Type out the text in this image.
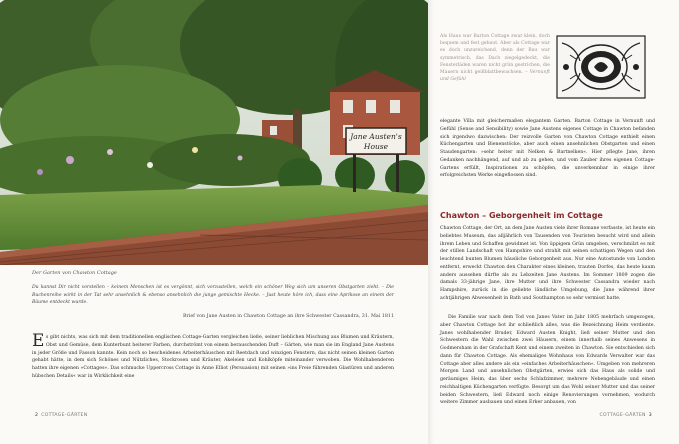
Jane Austen's
House
Der Garten von Chawton Cottage

Du kannst Dir nicht vorstellen – keinem Menschen ist es vergönnt, sich vorzustellen, welch ein schöner Weg sich um unseren Obstgarten zieht. – Die Buchenreihe wirkt in der Tat sehr ansehnlich & ebenso ansehnlich die junge gemischte Hecke. – Just heute höre ich, dass eine Aprikose an einem der Bäume entdeckt wurde.

Brief von Jane Austen in Chawton Cottage an ihre Schwester Cassandra, 31. Mai 1811

Es gibt nichts, was sich mit dem traditionellen englischen Cottage-Garten vergleichen ließe, seiner lieblichen Mischung aus Blumen und Kräutern, Obst und Gemüse, dem Kunterbunt heiterer Farben, durchströmt von einem berauschenden Duft – Gärten, wie man sie im England Jane Austens in jeder Größe und Fasson kannte. Kein noch so bescheidenes Arbeiterhäuschen mit Reetdach und winzigen Fenstern, das nicht seinen kleinen Garten gehabt hätte, in dem sich Schönes und Nützliches, Stockrosen und Kräuter, Akeleien und Kohlköpfe miteinander verwoben. Die Wohlhabenderen hatten ihre eigenen »Cottages«. Das schmucke Uppercross Cottage in Anne Elliot (Persuasion) mit seinen »ins Freie führenden Glastüren und anderen hübschen Details« war in Wirklichkeit eine

Als Haus war Barton Cottage zwar klein, doch bequem und fest gebaut. Aber als Cottage war es doch unzureichend, denn der Bau war symmetrisch, das Dach ziegelgedeckt, die Fensterläden waren nicht grün gestrichen, die Mauern nicht geißblattbewachsen. – Vernunft und Gefühl

elegante Villa mit gleichermaßen elegantem Garten. Barton Cottage in Vernunft und Gefühl (Sense and Sensibility) sowie Jane Austens eigenes Cottage in Chawton befanden sich irgendwo dazwischen: Der reizvolle Garten von Chawton Cottage enthielt einen Küchengarten und Bienenstöcke, aber auch einen ansehnlichen Obstgarten und einen Staudengarten: »sehr heiter mit Nelken & Bartnelken«. Hier pflegte Jane, ihren Gedanken nachhängend, auf und ab zu gehen, und vom Zauber ihres eigenen Cottage-Gartens erfüllt, Inspirationen zu schöpfen, die unverkennbar in einige ihrer erfolgreichsten Werke eingeflossen sind.

Chawton – Geborgenheit im Cottage

Chawton Cottage, der Ort, an dem Jane Austen viele ihrer Romane verfasste, ist heute ein beliebtes Museum, das alljährlich von Tausenden von Touristen besucht wird und allein ihrem Leben und Schaffen gewidmet ist. Von üppigem Grün umgeben, verschmilzt es mit der stillen Landschaft von Hampshire und strahlt mit seinen schattigen Wegen und den leuchtend bunten Blumen häusliche Geborgenheit aus. Nur eine Autostunde von London entfernt, erweckt Chawton den Charakter eines kleinen, trauten Dorfes, das heute kaum anders aussehen dürfte als zu Lebzeiten Jane Austens. Im Sommer 1809 zogen die damals 33-jährige Jane, ihre Mutter und ihre Schwester Cassandra wieder nach Hampshire, zurück in die geliebte ländliche Umgebung, die Jane während ihrer achtjährigen Abwesenheit in Bath und Southampton so sehr vermisst hatte.

Die Familie war nach dem Tod von Janes Vater im Jahr 1805 mehrfach umgezogen, aber Chawton Cottage bot ihr schließlich alles, was die Bezeichnung Heim verdiente. Janes wohlhabender Bruder, Edward Austen Knight, ließ seiner Mutter und den Schwestern die Wahl zwischen zwei Häusern, einem innerhalb seines Anwesens in Godmersham in der Grafschaft Kent und einem zweiten in Chawton. Sie entschieden sich dann für Chawton Cottage. Als ehemaliges Wohnhaus von Edwards Verwalter war das Cottage aber alles andere als ein »einfaches Arbeiterhäuschen«. Umgeben von mehreren Morgen Land und ansehnlichen Obstgärten, erwies sich das Haus als solide und geräumiges Heim, das über sechs Schlafzimmer, mehrere Nebengebäude und einen reichhaltigen Küchengarten verfügte. Besorgt um das Wohl seiner Mutter und das seiner beiden Schwestern, ließ Edward noch einige Renovierungen vornehmen, wodurch weitere Zimmer ausbauen und einen Erker anbauen, von

2 COTTAGE-GÄRTEN	COTTAGE-GÄRTEN 3
